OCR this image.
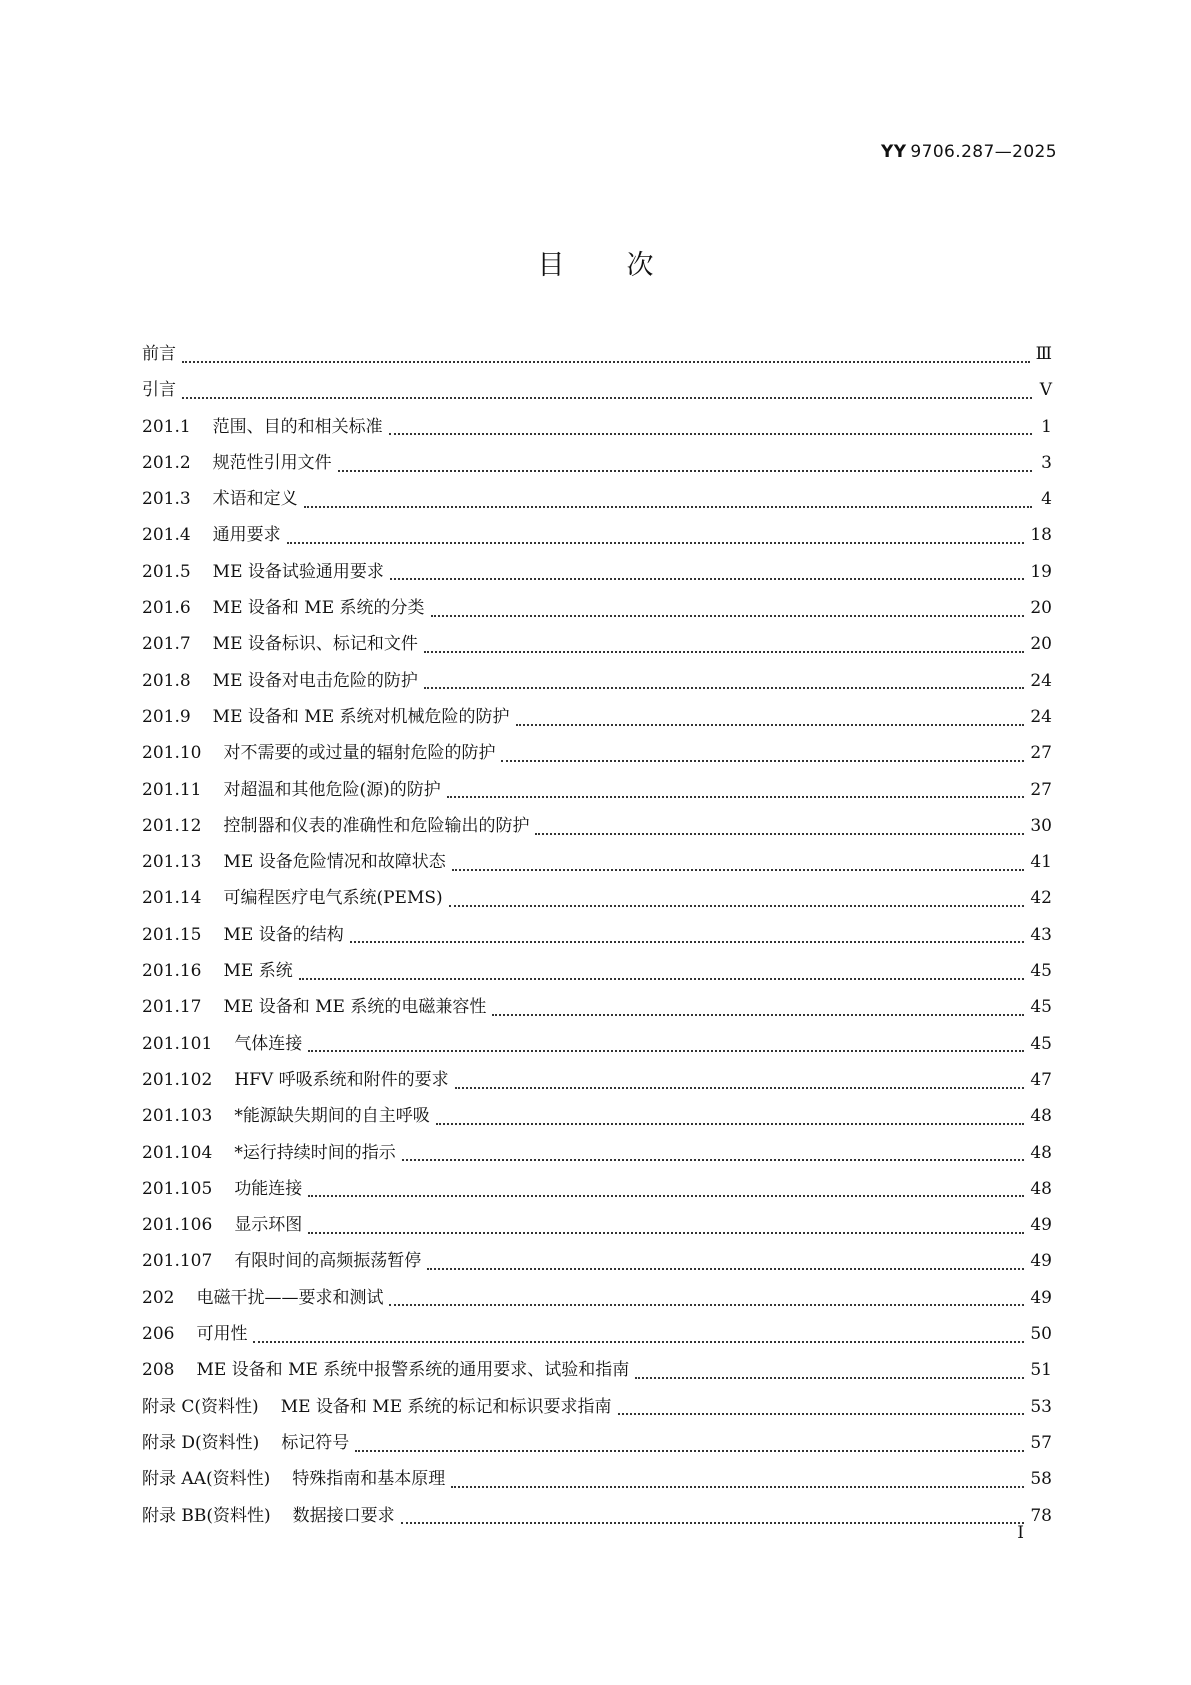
YY 9706.287—2025
目次
前言	Ⅲ
引言	Ⅴ
201.1 范围、目的和相关标准	1
201.2 规范性引用文件	3
201.3 术语和定义	4
201.4 通用要求	18
201.5 ME 设备试验通用要求	19
201.6 ME 设备和 ME 系统的分类	20
201.7 ME 设备标识、标记和文件	20
201.8 ME 设备对电击危险的防护	24
201.9 ME 设备和 ME 系统对机械危险的防护	24
201.10 对不需要的或过量的辐射危险的防护	27
201.11 对超温和其他危险(源)的防护	27
201.12 控制器和仪表的准确性和危险输出的防护	30
201.13 ME 设备危险情况和故障状态	41
201.14 可编程医疗电气系统(PEMS)	42
201.15 ME 设备的结构	43
201.16 ME 系统	45
201.17 ME 设备和 ME 系统的电磁兼容性	45
201.101 气体连接	45
201.102 HFV 呼吸系统和附件的要求	47
201.103 *能源缺失期间的自主呼吸	48
201.104 *运行持续时间的指示	48
201.105 功能连接	48
201.106 显示环图	49
201.107 有限时间的高频振荡暂停	49
202 电磁干扰——要求和测试	49
206 可用性	50
208 ME 设备和 ME 系统中报警系统的通用要求、试验和指南	51
附录 C(资料性) ME 设备和 ME 系统的标记和标识要求指南	53
附录 D(资料性) 标记符号	57
附录 AA(资料性) 特殊指南和基本原理	58
附录 BB(资料性) 数据接口要求	78
Ⅰ
